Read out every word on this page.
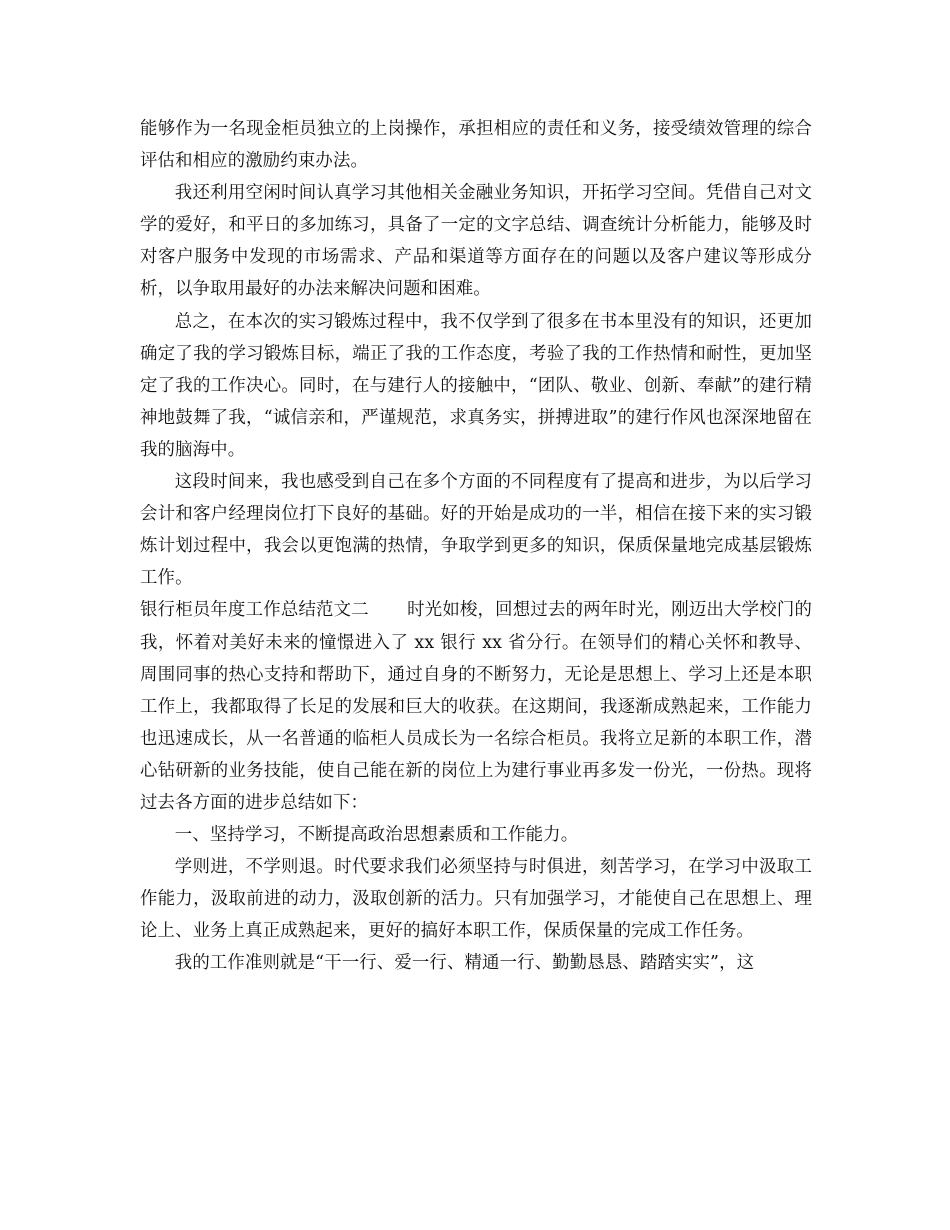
能够作为一名现金柜员独立的上岗操作，承担相应的责任和义务，接受绩效管理的综合评估和相应的激励约束办法。

我还利用空闲时间认真学习其他相关金融业务知识，开拓学习空间。凭借自己对文学的爱好，和平日的多加练习，具备了一定的文字总结、调查统计分析能力，能够及时对客户服务中发现的市场需求、产品和渠道等方面存在的问题以及客户建议等形成分析，以争取用最好的办法来解决问题和困难。

总之，在本次的实习锻炼过程中，我不仅学到了很多在书本里没有的知识，还更加确定了我的学习锻炼目标，端正了我的工作态度，考验了我的工作热情和耐性，更加坚定了我的工作决心。同时，在与建行人的接触中，“团队、敬业、创新、奉献”的建行精神地鼓舞了我，“诚信亲和，严谨规范，求真务实，拼搏进取”的建行作风也深深地留在我的脑海中。

这段时间来，我也感受到自己在多个方面的不同程度有了提高和进步，为以后学习会计和客户经理岗位打下良好的基础。好的开始是成功的一半，相信在接下来的实习锻炼计划过程中，我会以更饱满的热情，争取学到更多的知识，保质保量地完成基层锻炼工作。

银行柜员年度工作总结范文二 时光如梭，回想过去的两年时光，刚迈出大学校门的我，怀着对美好未来的憧憬进入了 xx 银行 xx 省分行。在领导们的精心关怀和教导、周围同事的热心支持和帮助下，通过自身的不断努力，无论是思想上、学习上还是本职工作上，我都取得了长足的发展和巨大的收获。在这期间，我逐渐成熟起来，工作能力也迅速成长，从一名普通的临柜人员成长为一名综合柜员。我将立足新的本职工作，潜心钻研新的业务技能，使自己能在新的岗位上为建行事业再多发一份光，一份热。现将过去各方面的进步总结如下：

一、坚持学习，不断提高政治思想素质和工作能力。

学则进，不学则退。时代要求我们必须坚持与时俱进，刻苦学习，在学习中汲取工作能力，汲取前进的动力，汲取创新的活力。只有加强学习，才能使自己在思想上、理论上、业务上真正成熟起来，更好的搞好本职工作，保质保量的完成工作任务。

我的工作准则就是“干一行、爱一行、精通一行、勤勤恳恳、踏踏实实”，这
